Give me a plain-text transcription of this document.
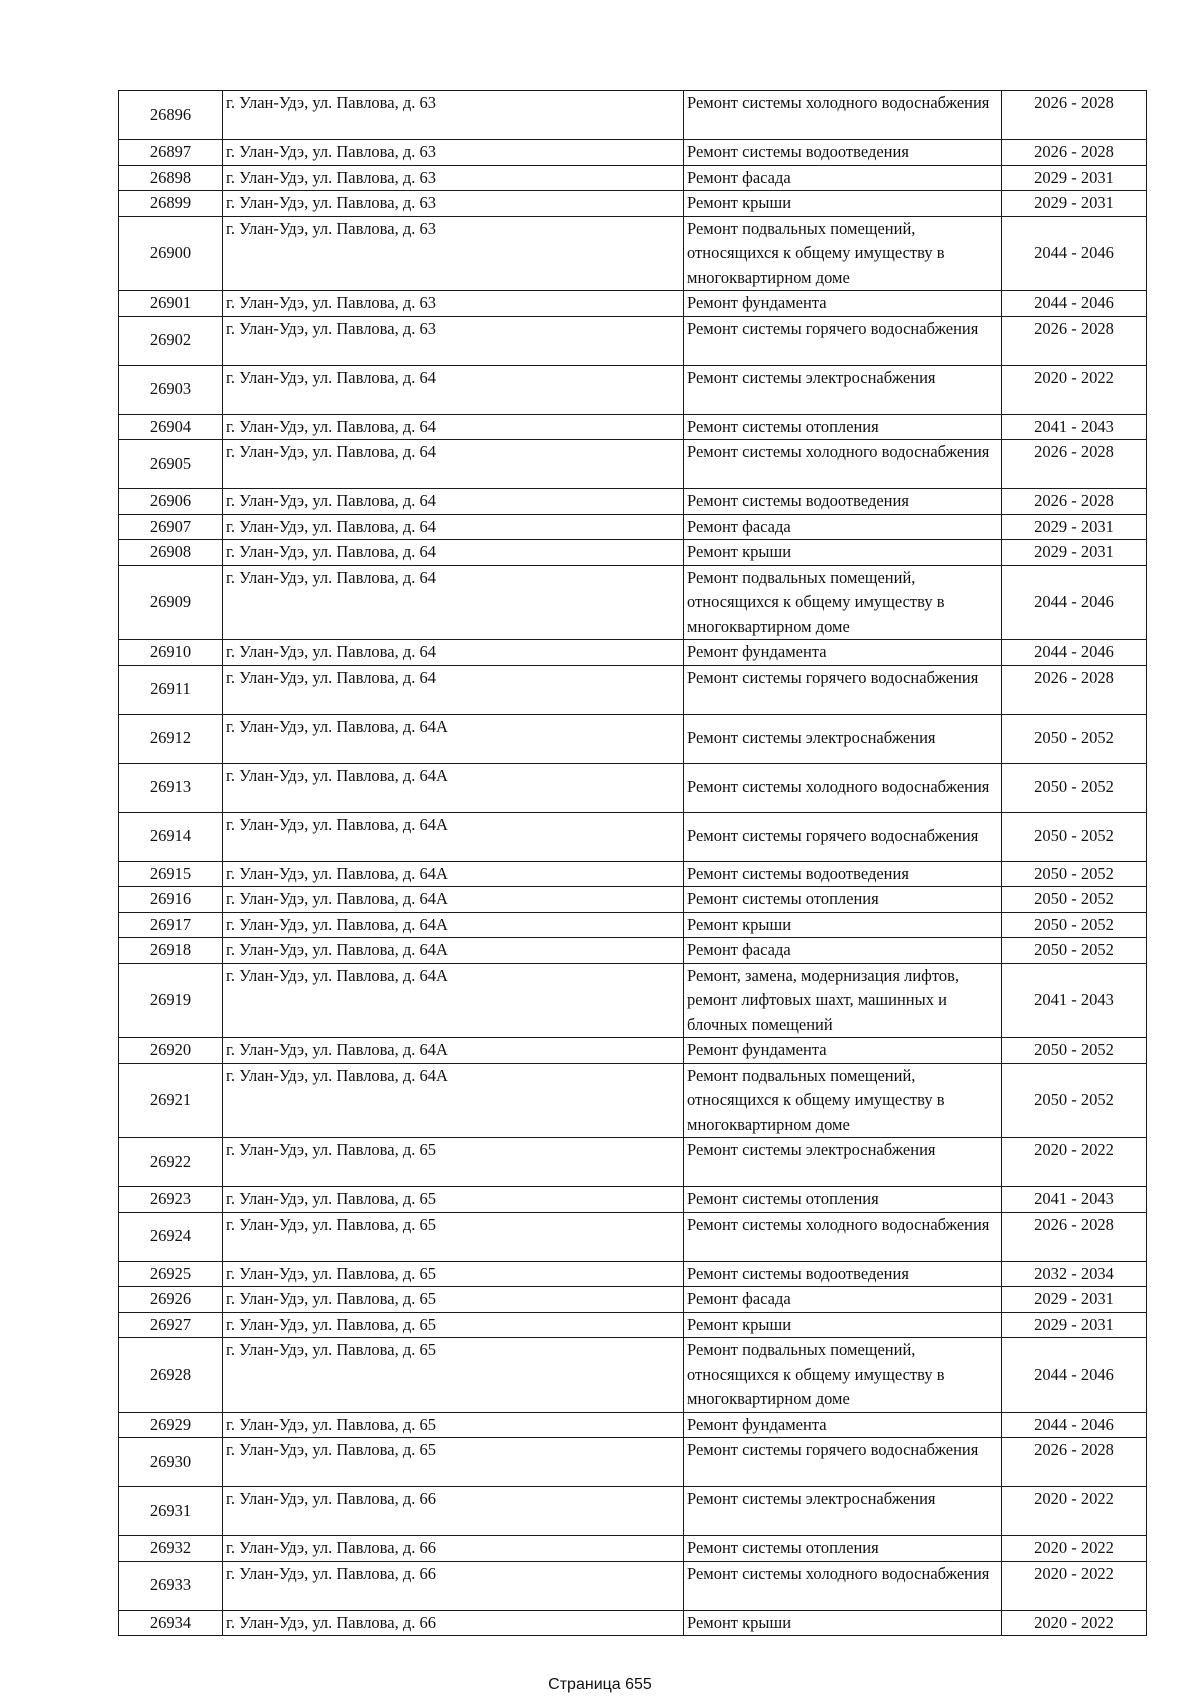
26896	г. Улан-Удэ, ул. Павлова, д. 63	Ремонт системы холодного водоснабжения	2026 - 2028
26897	г. Улан-Удэ, ул. Павлова, д. 63	Ремонт системы водоотведения	2026 - 2028
26898	г. Улан-Удэ, ул. Павлова, д. 63	Ремонт фасада	2029 - 2031
26899	г. Улан-Удэ, ул. Павлова, д. 63	Ремонт крыши	2029 - 2031
26900	г. Улан-Удэ, ул. Павлова, д. 63	Ремонт подвальных помещений, относящихся к общему имуществу в многоквартирном доме	2044 - 2046
26901	г. Улан-Удэ, ул. Павлова, д. 63	Ремонт фундамента	2044 - 2046
26902	г. Улан-Удэ, ул. Павлова, д. 63	Ремонт системы горячего водоснабжения	2026 - 2028
26903	г. Улан-Удэ, ул. Павлова, д. 64	Ремонт системы электроснабжения	2020 - 2022
26904	г. Улан-Удэ, ул. Павлова, д. 64	Ремонт системы отопления	2041 - 2043
26905	г. Улан-Удэ, ул. Павлова, д. 64	Ремонт системы холодного водоснабжения	2026 - 2028
26906	г. Улан-Удэ, ул. Павлова, д. 64	Ремонт системы водоотведения	2026 - 2028
26907	г. Улан-Удэ, ул. Павлова, д. 64	Ремонт фасада	2029 - 2031
26908	г. Улан-Удэ, ул. Павлова, д. 64	Ремонт крыши	2029 - 2031
26909	г. Улан-Удэ, ул. Павлова, д. 64	Ремонт подвальных помещений, относящихся к общему имуществу в многоквартирном доме	2044 - 2046
26910	г. Улан-Удэ, ул. Павлова, д. 64	Ремонт фундамента	2044 - 2046
26911	г. Улан-Удэ, ул. Павлова, д. 64	Ремонт системы горячего водоснабжения	2026 - 2028
26912	г. Улан-Удэ, ул. Павлова, д. 64А	Ремонт системы электроснабжения	2050 - 2052
26913	г. Улан-Удэ, ул. Павлова, д. 64А	Ремонт системы холодного водоснабжения	2050 - 2052
26914	г. Улан-Удэ, ул. Павлова, д. 64А	Ремонт системы горячего водоснабжения	2050 - 2052
26915	г. Улан-Удэ, ул. Павлова, д. 64А	Ремонт системы водоотведения	2050 - 2052
26916	г. Улан-Удэ, ул. Павлова, д. 64А	Ремонт системы отопления	2050 - 2052
26917	г. Улан-Удэ, ул. Павлова, д. 64А	Ремонт крыши	2050 - 2052
26918	г. Улан-Удэ, ул. Павлова, д. 64А	Ремонт фасада	2050 - 2052
26919	г. Улан-Удэ, ул. Павлова, д. 64А	Ремонт, замена, модернизация лифтов, ремонт лифтовых шахт, машинных и блочных помещений	2041 - 2043
26920	г. Улан-Удэ, ул. Павлова, д. 64А	Ремонт фундамента	2050 - 2052
26921	г. Улан-Удэ, ул. Павлова, д. 64А	Ремонт подвальных помещений, относящихся к общему имуществу в многоквартирном доме	2050 - 2052
26922	г. Улан-Удэ, ул. Павлова, д. 65	Ремонт системы электроснабжения	2020 - 2022
26923	г. Улан-Удэ, ул. Павлова, д. 65	Ремонт системы отопления	2041 - 2043
26924	г. Улан-Удэ, ул. Павлова, д. 65	Ремонт системы холодного водоснабжения	2026 - 2028
26925	г. Улан-Удэ, ул. Павлова, д. 65	Ремонт системы водоотведения	2032 - 2034
26926	г. Улан-Удэ, ул. Павлова, д. 65	Ремонт фасада	2029 - 2031
26927	г. Улан-Удэ, ул. Павлова, д. 65	Ремонт крыши	2029 - 2031
26928	г. Улан-Удэ, ул. Павлова, д. 65	Ремонт подвальных помещений, относящихся к общему имуществу в многоквартирном доме	2044 - 2046
26929	г. Улан-Удэ, ул. Павлова, д. 65	Ремонт фундамента	2044 - 2046
26930	г. Улан-Удэ, ул. Павлова, д. 65	Ремонт системы горячего водоснабжения	2026 - 2028
26931	г. Улан-Удэ, ул. Павлова, д. 66	Ремонт системы электроснабжения	2020 - 2022
26932	г. Улан-Удэ, ул. Павлова, д. 66	Ремонт системы отопления	2020 - 2022
26933	г. Улан-Удэ, ул. Павлова, д. 66	Ремонт системы холодного водоснабжения	2020 - 2022
26934	г. Улан-Удэ, ул. Павлова, д. 66	Ремонт крыши	2020 - 2022
Страница 655
